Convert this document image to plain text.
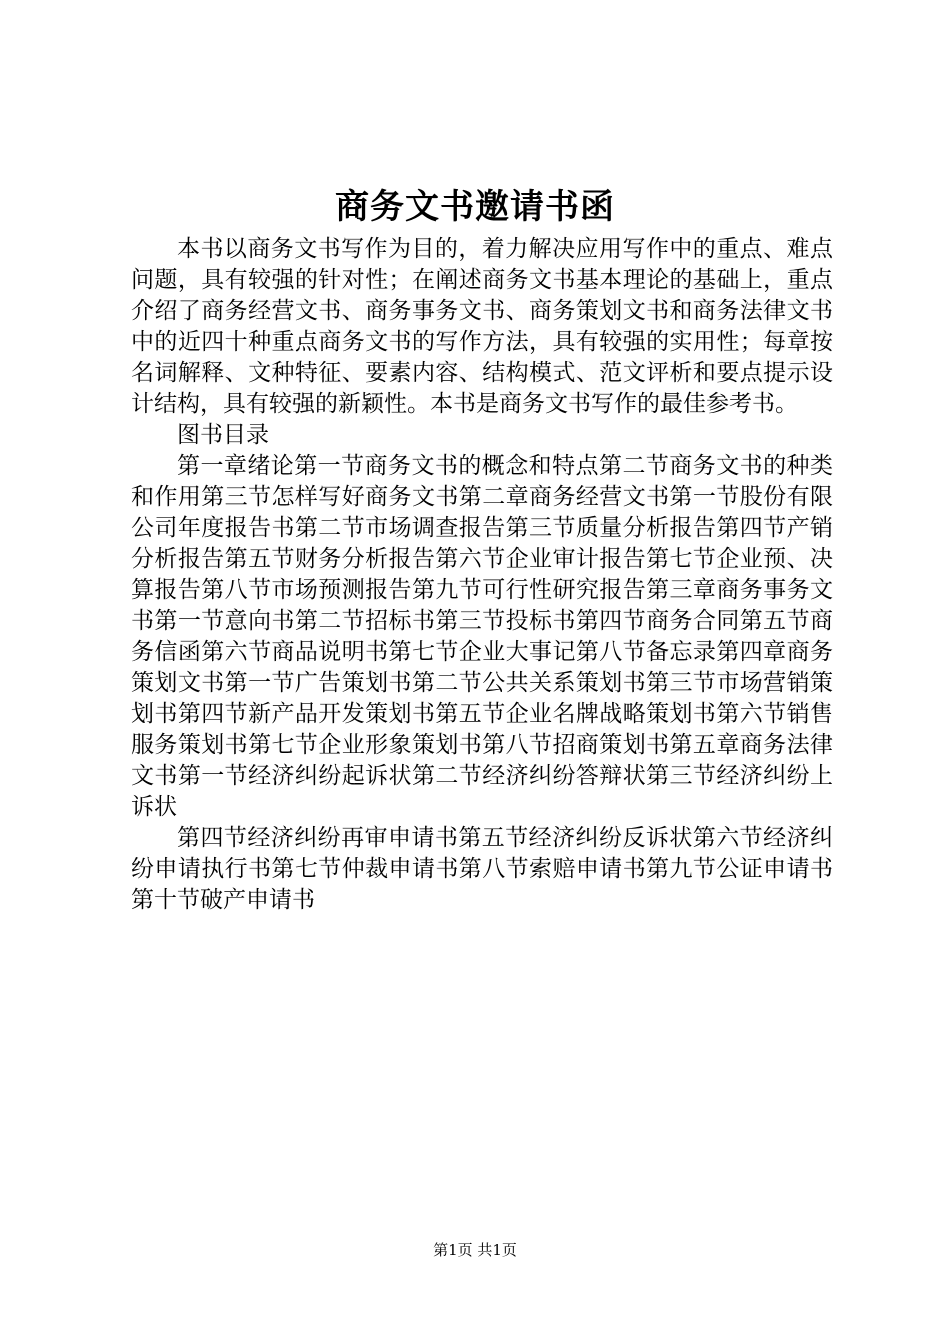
商务文书邀请书函

本书以商务文书写作为目的，着力解决应用写作中的重点、难点问题，具有较强的针对性；在阐述商务文书基本理论的基础上，重点介绍了商务经营文书、商务事务文书、商务策划文书和商务法律文书中的近四十种重点商务文书的写作方法，具有较强的实用性；每章按名词解释、文种特征、要素内容、结构模式、范文评析和要点提示设计结构，具有较强的新颖性。本书是商务文书写作的最佳参考书。

图书目录

第一章绪论第一节商务文书的概念和特点第二节商务文书的种类和作用第三节怎样写好商务文书第二章商务经营文书第一节股份有限公司年度报告书第二节市场调查报告第三节质量分析报告第四节产销分析报告第五节财务分析报告第六节企业审计报告第七节企业预、决算报告第八节市场预测报告第九节可行性研究报告第三章商务事务文书第一节意向书第二节招标书第三节投标书第四节商务合同第五节商务信函第六节商品说明书第七节企业大事记第八节备忘录第四章商务策划文书第一节广告策划书第二节公共关系策划书第三节市场营销策划书第四节新产品开发策划书第五节企业名牌战略策划书第六节销售服务策划书第七节企业形象策划书第八节招商策划书第五章商务法律文书第一节经济纠纷起诉状第二节经济纠纷答辩状第三节经济纠纷上诉状

第四节经济纠纷再审申请书第五节经济纠纷反诉状第六节经济纠纷申请执行书第七节仲裁申请书第八节索赔申请书第九节公证申请书第十节破产申请书

第1页 共1页
